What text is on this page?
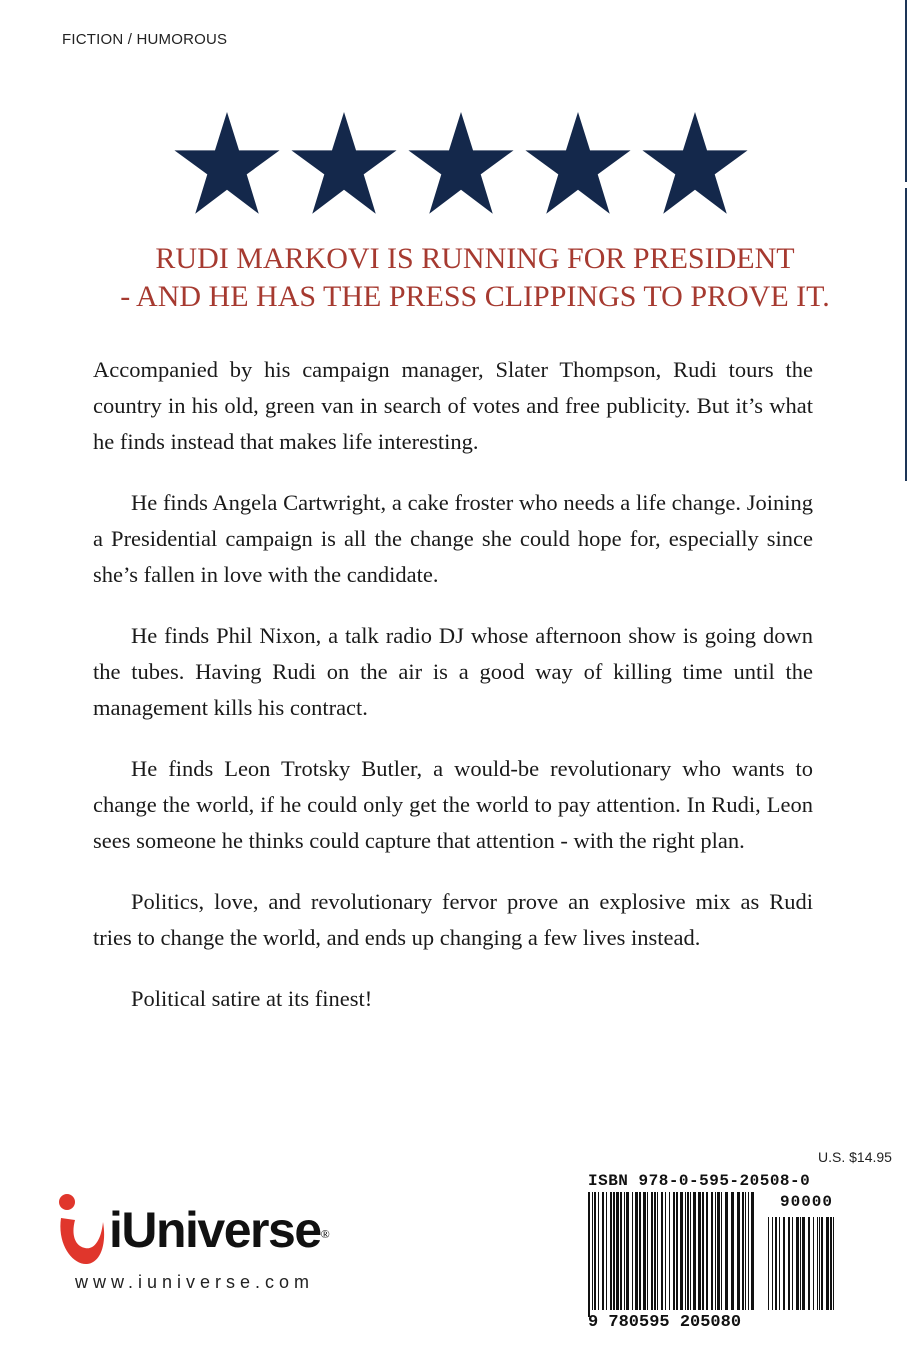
FICTION / HUMOROUS
RUDI MARKOVI IS RUNNING FOR PRESIDENT
- AND HE HAS THE PRESS CLIPPINGS TO PROVE IT.

Accompanied by his campaign manager, Slater Thompson, Rudi tours the country in his old, green van in search of votes and free publicity. But it’s what he finds instead that makes life interesting.

He finds Angela Cartwright, a cake froster who needs a life change. Joining a Presidential campaign is all the change she could hope for, especially since she’s fallen in love with the candidate.

He finds Phil Nixon, a talk radio DJ whose afternoon show is going down the tubes. Having Rudi on the air is a good way of killing time until the management kills his contract.

He finds Leon Trotsky Butler, a would-be revolutionary who wants to change the world, if he could only get the world to pay attention. In Rudi, Leon sees someone he thinks could capture that attention - with the right plan.

Politics, love, and revolutionary fervor prove an explosive mix as Rudi tries to change the world, and ends up changing a few lives instead.

Political satire at its finest!

iUniverse ®
www.iuniverse.com
U.S. $14.95
ISBN 978-0-595-20508-0
90000
9 780595 205080
